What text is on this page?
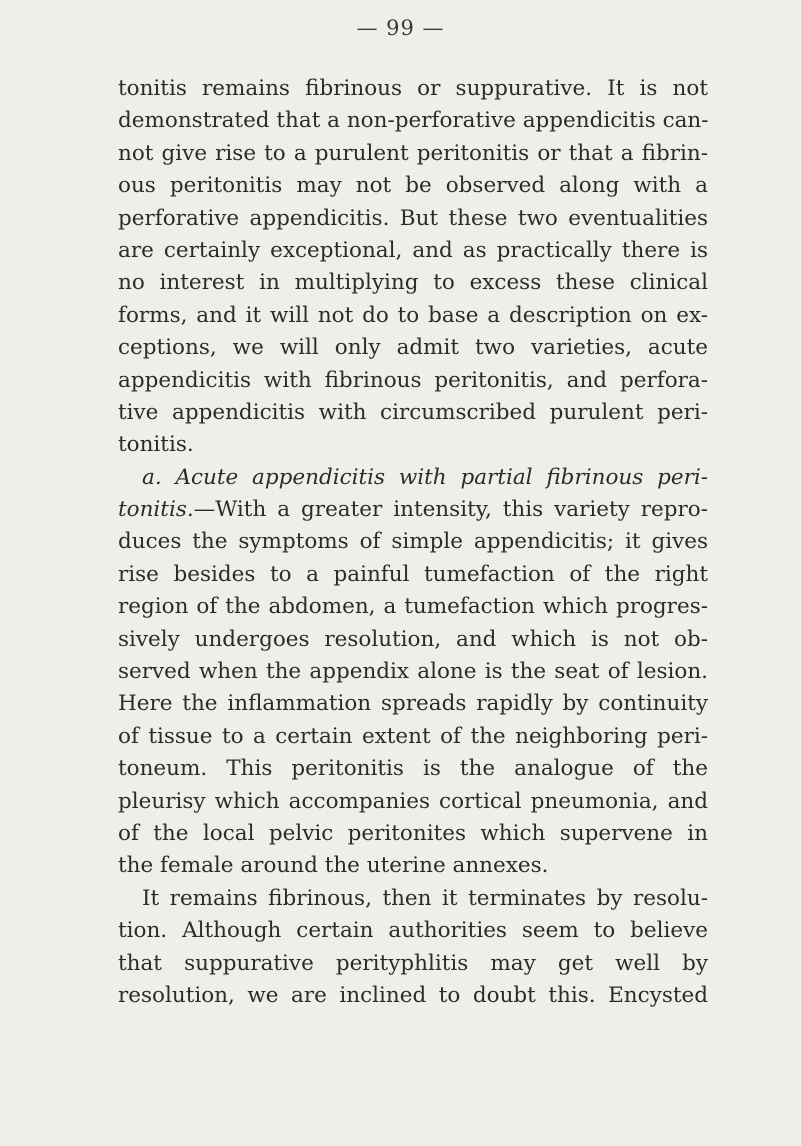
— 99 —
tonitis remains fibrinous or suppurative. It is not
demonstrated that a non-perforative appendicitis can-
not give rise to a purulent peritonitis or that a fibrin-
ous peritonitis may not be observed along with a
perforative appendicitis. But these two eventualities
are certainly exceptional, and as practically there is
no interest in multiplying to excess these clinical
forms, and it will not do to base a description on ex-
ceptions, we will only admit two varieties, acute
appendicitis with fibrinous peritonitis, and perfora-
tive appendicitis with circumscribed purulent peri-
tonitis.
a. Acute appendicitis with partial fibrinous peri-
tonitis.—With a greater intensity, this variety repro-
duces the symptoms of simple appendicitis; it gives
rise besides to a painful tumefaction of the right
region of the abdomen, a tumefaction which progres-
sively undergoes resolution, and which is not ob-
served when the appendix alone is the seat of lesion.
Here the inflammation spreads rapidly by continuity
of tissue to a certain extent of the neighboring peri-
toneum. This peritonitis is the analogue of the
pleurisy which accompanies cortical pneumonia, and
of the local pelvic peritonites which supervene in
the female around the uterine annexes.
It remains fibrinous, then it terminates by resolu-
tion. Although certain authorities seem to believe
that suppurative perityphlitis may get well by
resolution, we are inclined to doubt this. Encysted
